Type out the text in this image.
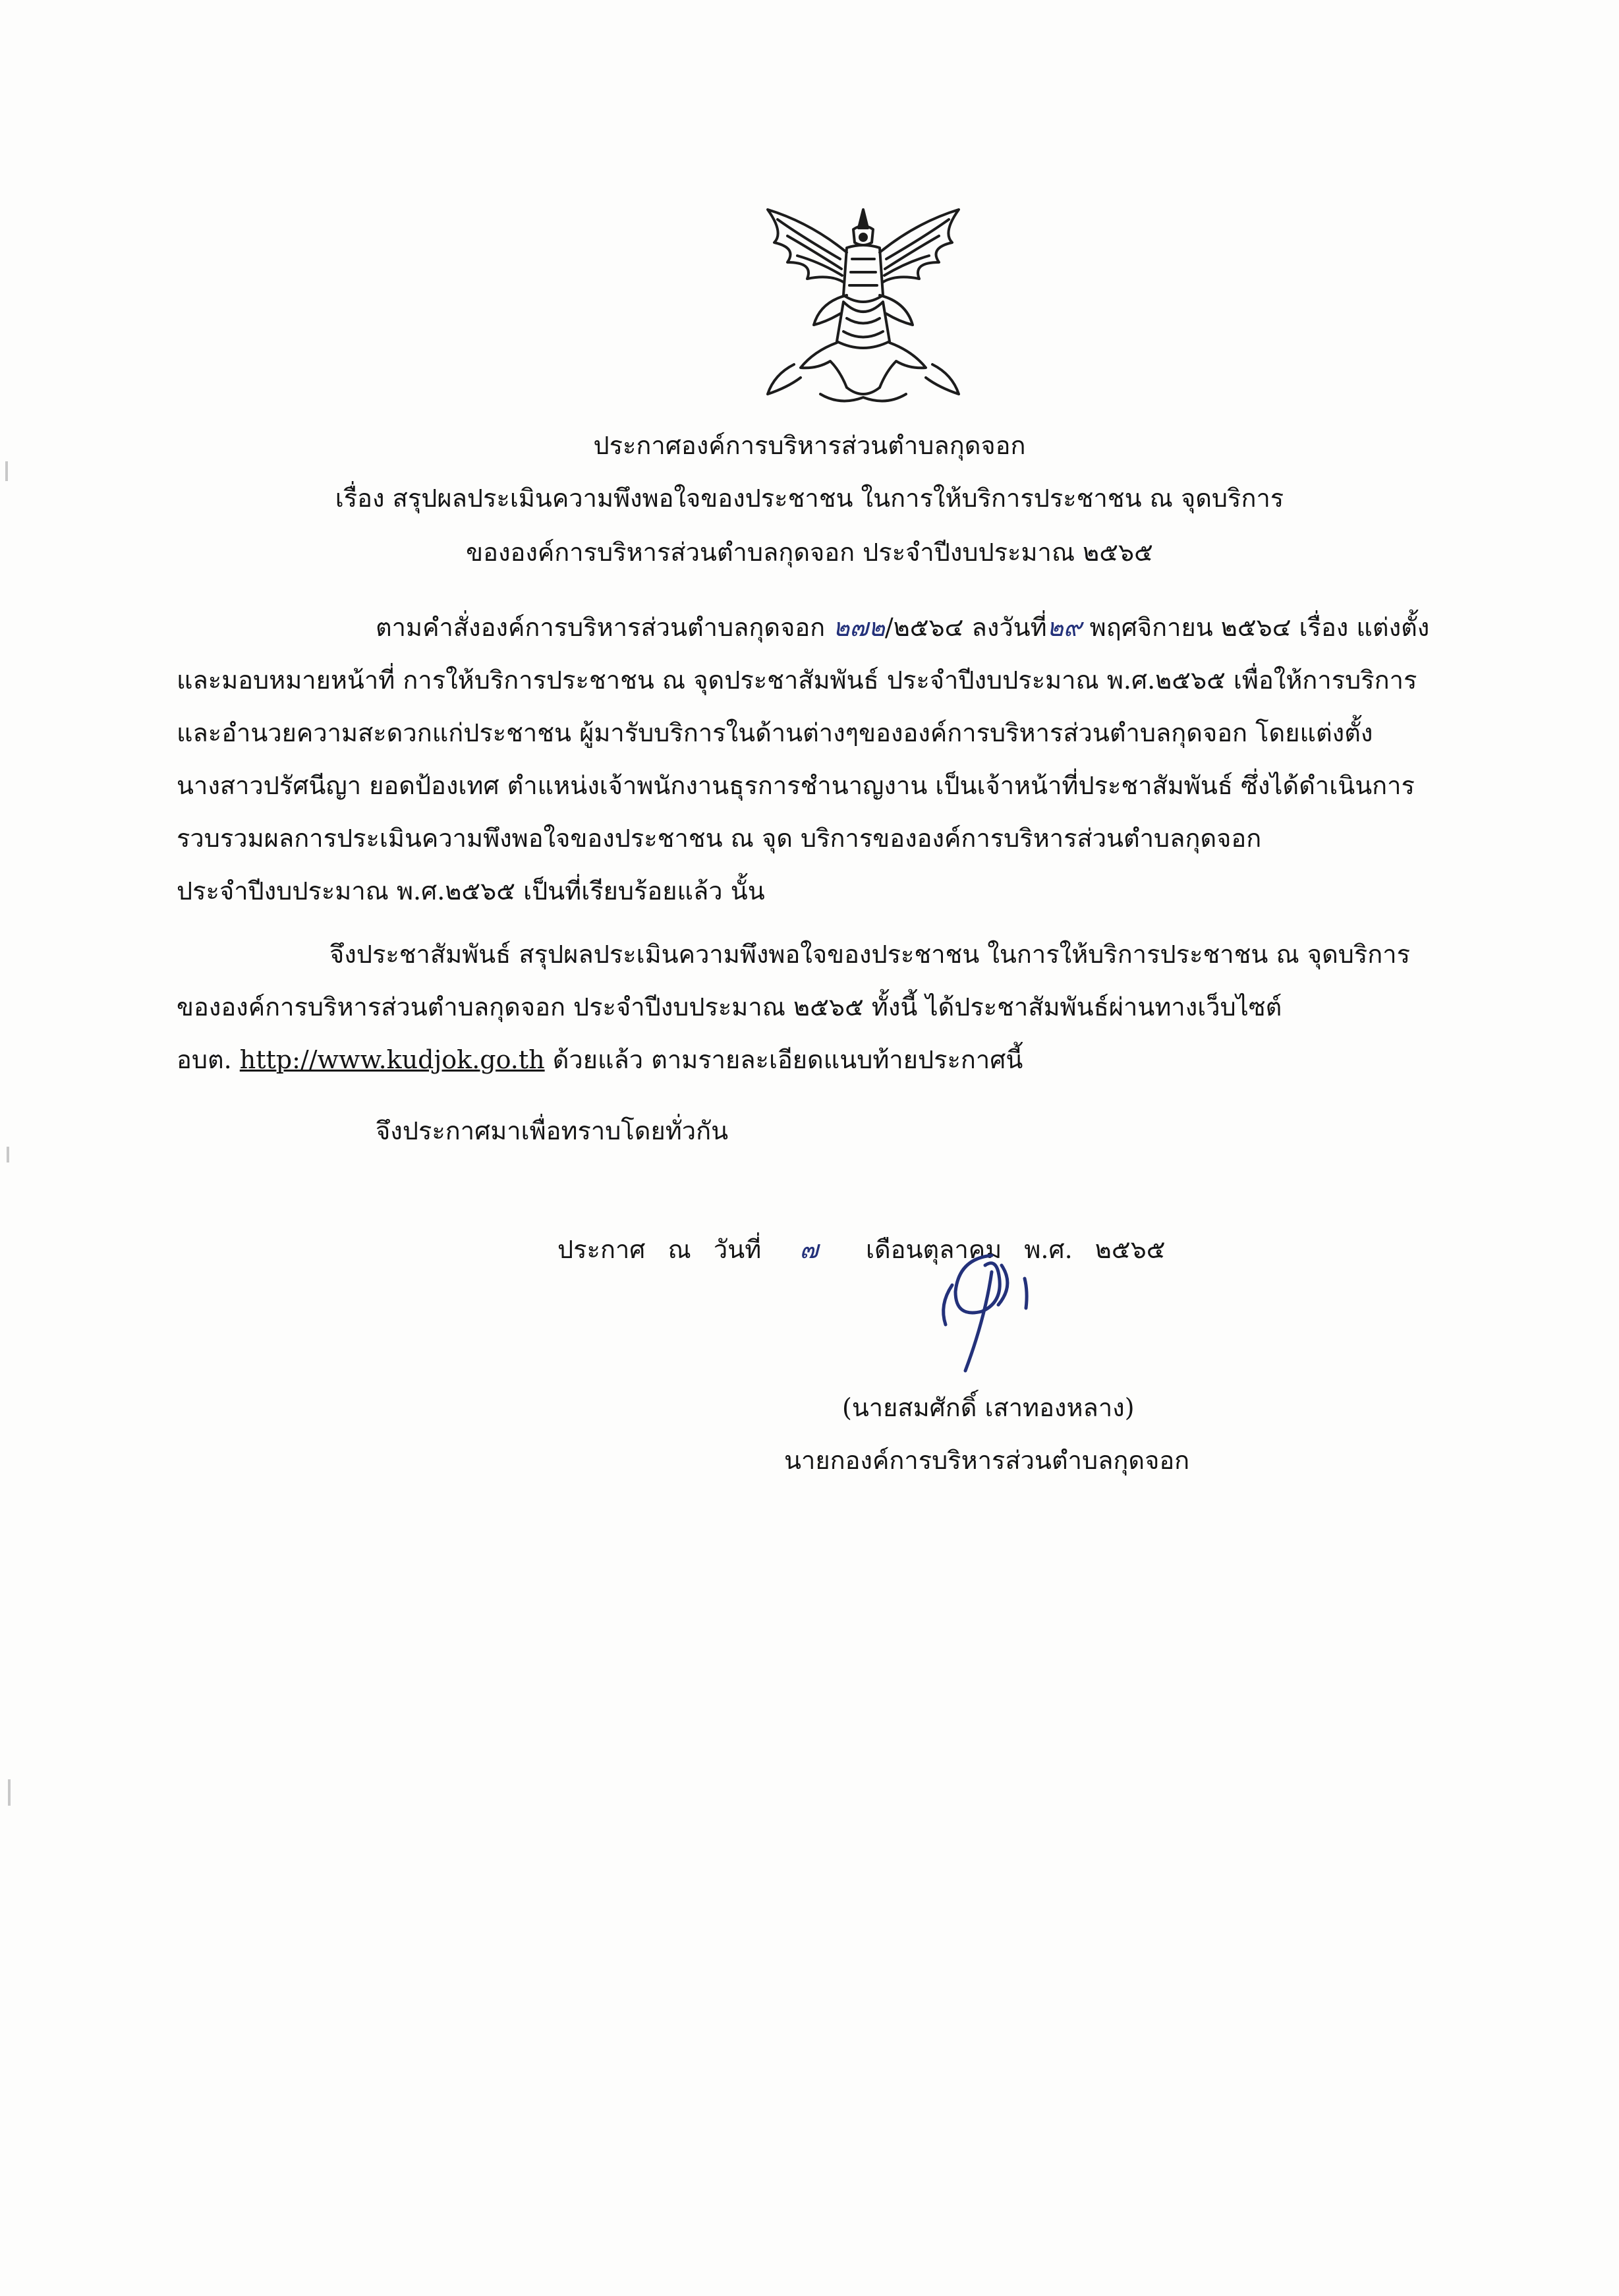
ประกาศองค์การบริหารส่วนตำบลกุดจอก
เรื่อง สรุปผลประเมินความพึงพอใจของประชาชน ในการให้บริการประชาชน ณ จุดบริการ
ขององค์การบริหารส่วนตำบลกุดจอก ประจำปีงบประมาณ ๒๕๖๕
ตามคำสั่งองค์การบริหารส่วนตำบลกุดจอก ๒๗๒/๒๕๖๔ ลงวันที่๒๙ พฤศจิกายน ๒๕๖๔ เรื่อง แต่งตั้ง
และมอบหมายหน้าที่ การให้บริการประชาชน ณ จุดประชาสัมพันธ์ ประจำปีงบประมาณ พ.ศ.๒๕๖๕ เพื่อให้การบริการ
และอำนวยความสะดวกแก่ประชาชน ผู้มารับบริการในด้านต่างๆขององค์การบริหารส่วนตำบลกุดจอก โดยแต่งตั้ง
นางสาวปรัศนีญา ยอดป้องเทศ ตำแหน่งเจ้าพนักงานธุรการชำนาญงาน เป็นเจ้าหน้าที่ประชาสัมพันธ์ ซึ่งได้ดำเนินการ
รวบรวมผลการประเมินความพึงพอใจของประชาชน ณ จุด บริการขององค์การบริหารส่วนตำบลกุดจอก
ประจำปีงบประมาณ พ.ศ.๒๕๖๕ เป็นที่เรียบร้อยแล้ว นั้น
จึงประชาสัมพันธ์ สรุปผลประเมินความพึงพอใจของประชาชน ในการให้บริการประชาชน ณ จุดบริการ
ขององค์การบริหารส่วนตำบลกุดจอก ประจำปีงบประมาณ ๒๕๖๕ ทั้งนี้ ได้ประชาสัมพันธ์ผ่านทางเว็บไซต์
อบต. http://www.kudjok.go.th ด้วยแล้ว ตามรายละเอียดแนบท้ายประกาศนี้
จึงประกาศมาเพื่อทราบโดยทั่วกัน
ประกาศ ณ วันที่ ๗ เดือนตุลาคม พ.ศ. ๒๕๖๕
(นายสมศักดิ์ เสาทองหลาง)
นายกองค์การบริหารส่วนตำบลกุดจอก
